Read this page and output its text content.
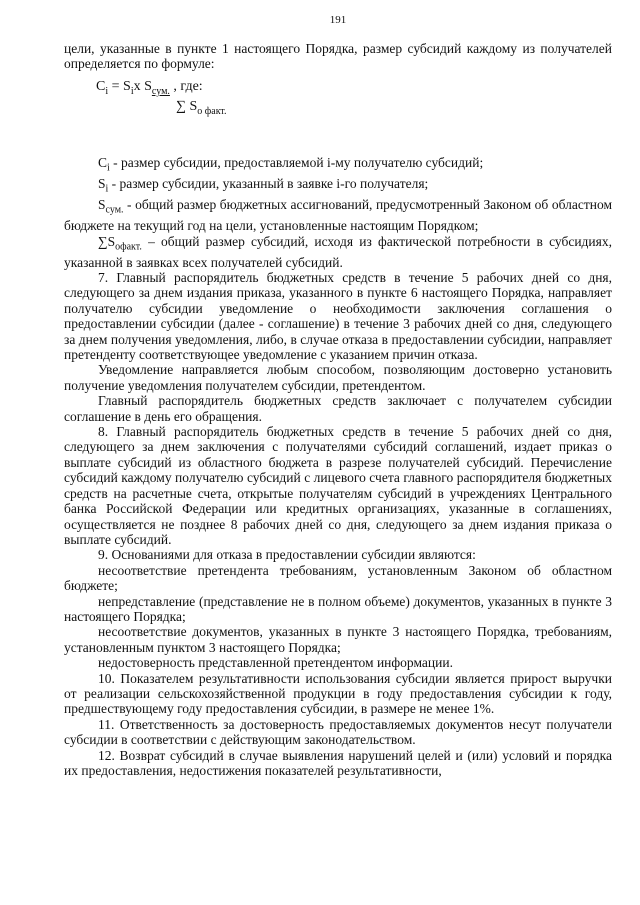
191

цели, указанные в пункте 1 настоящего Порядка, размер субсидий каждому из получателей определяется по формуле:

$C_i = S_ix$ $S_{сум.}$ , где:
∑ $S_{о факт.}$

$C_i$ - размер субсидии, предоставляемой i-му получателю субсидий;

$S_i$ - размер субсидии, указанный в заявке i-го получателя;

$S_{сум.}$ - общий размер бюджетных ассигнований, предусмотренный Законом об областном бюджете на текущий год на цели, установленные настоящим Порядком;

$\sum S_{офакт.}$ – общий размер субсидий, исходя из фактической потребности в субсидиях, указанной в заявках всех получателей субсидий.

7. Главный распорядитель бюджетных средств в течение 5 рабочих дней со дня, следующего за днем издания приказа, указанного в пункте 6 настоящего Порядка, направляет получателю субсидии уведомление о необходимости заключения соглашения о предоставлении субсидии (далее - соглашение) в течение 3 рабочих дней со дня, следующего за днем получения уведомления, либо, в случае отказа в предоставлении субсидии, направляет претенденту соответствующее уведомление с указанием причин отказа.

Уведомление направляется любым способом, позволяющим достоверно установить получение уведомления получателем субсидии, претендентом.

Главный распорядитель бюджетных средств заключает с получателем субсидии соглашение в день его обращения.

8. Главный распорядитель бюджетных средств в течение 5 рабочих дней со дня, следующего за днем заключения с получателями субсидий соглашений, издает приказ о выплате субсидий из областного бюджета в разрезе получателей субсидий. Перечисление субсидий каждому получателю субсидий с лицевого счета главного распорядителя бюджетных средств на расчетные счета, открытые получателям субсидий в учреждениях Центрального банка Российской Федерации или кредитных организациях, указанные в соглашениях, осуществляется не позднее 8 рабочих дней со дня, следующего за днем издания приказа о выплате субсидий.

9. Основаниями для отказа в предоставлении субсидии являются:

несоответствие претендента требованиям, установленным Законом об областном бюджете;

непредставление (представление не в полном объеме) документов, указанных в пункте 3 настоящего Порядка;

несоответствие документов, указанных в пункте 3 настоящего Порядка, требованиям, установленным пунктом 3 настоящего Порядка;

недостоверность представленной претендентом информации.

10. Показателем результативности использования субсидии является прирост выручки от реализации сельскохозяйственной продукции в году предоставления субсидии к году, предшествующему году предоставления субсидии, в размере не менее 1%.

11. Ответственность за достоверность предоставляемых документов несут получатели субсидии в соответствии с действующим законодательством.

12. Возврат субсидий в случае выявления нарушений целей и (или) условий и порядка их предоставления, недостижения показателей результативности,
